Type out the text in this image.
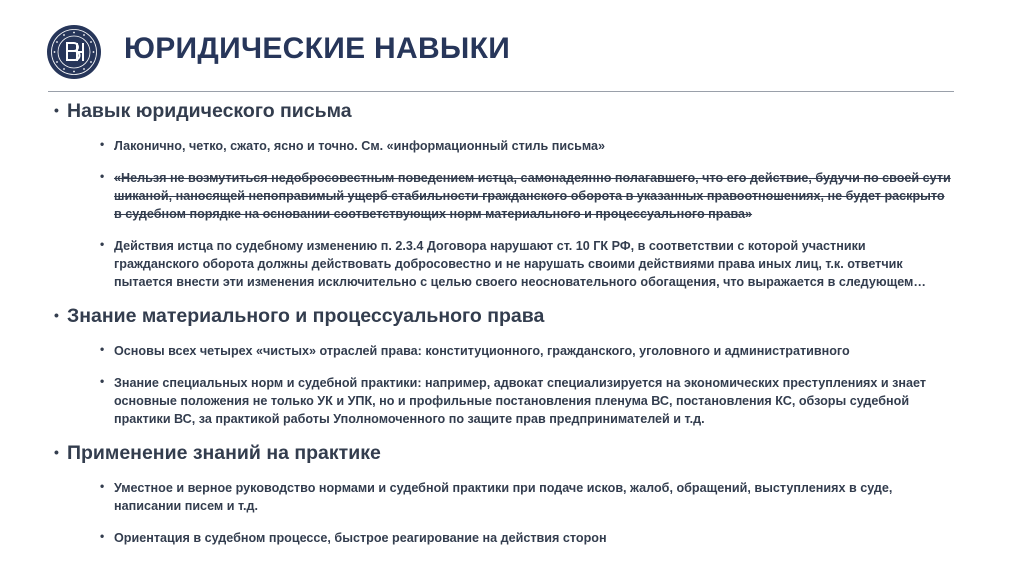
ЮРИДИЧЕСКИЕ НАВЫКИ

• Навык юридического письма

• Лаконично, четко, сжато, ясно и точно. См. «информационный стиль письма»
• «Нельзя не возмутиться недобросовестным поведением истца, самонадеянно полагавшего, что его действие, будучи по своей сути шиканой, наносящей непоправимый ущерб стабильности гражданского оборота в указанных правоотношениях, не будет раскрыто в судебном порядке на основании соответствующих норм материального и процессуального права»
• Действия истца по судебному изменению п. 2.3.4 Договора нарушают ст. 10 ГК РФ, в соответствии с которой участники гражданского оборота должны действовать добросовестно и не нарушать своими действиями права иных лиц, т.к. ответчик пытается внести эти изменения исключительно с целью своего неосновательного обогащения, что выражается в следующем…

• Знание материального и процессуального права

• Основы всех четырех «чистых» отраслей права: конституционного, гражданского, уголовного и административного
• Знание специальных норм и судебной практики: например, адвокат специализируется на экономических преступлениях и знает основные положения не только УК и УПК, но и профильные постановления пленума ВС, постановления КС, обзоры судебной практики ВС, за практикой работы Уполномоченного по защите прав предпринимателей и т.д.

• Применение знаний на практике

• Уместное и верное руководство нормами и судебной практики при подаче исков, жалоб, обращений, выступлениях в суде, написании писем и т.д.
• Ориентация в судебном процессе, быстрое реагирование на действия сторон
